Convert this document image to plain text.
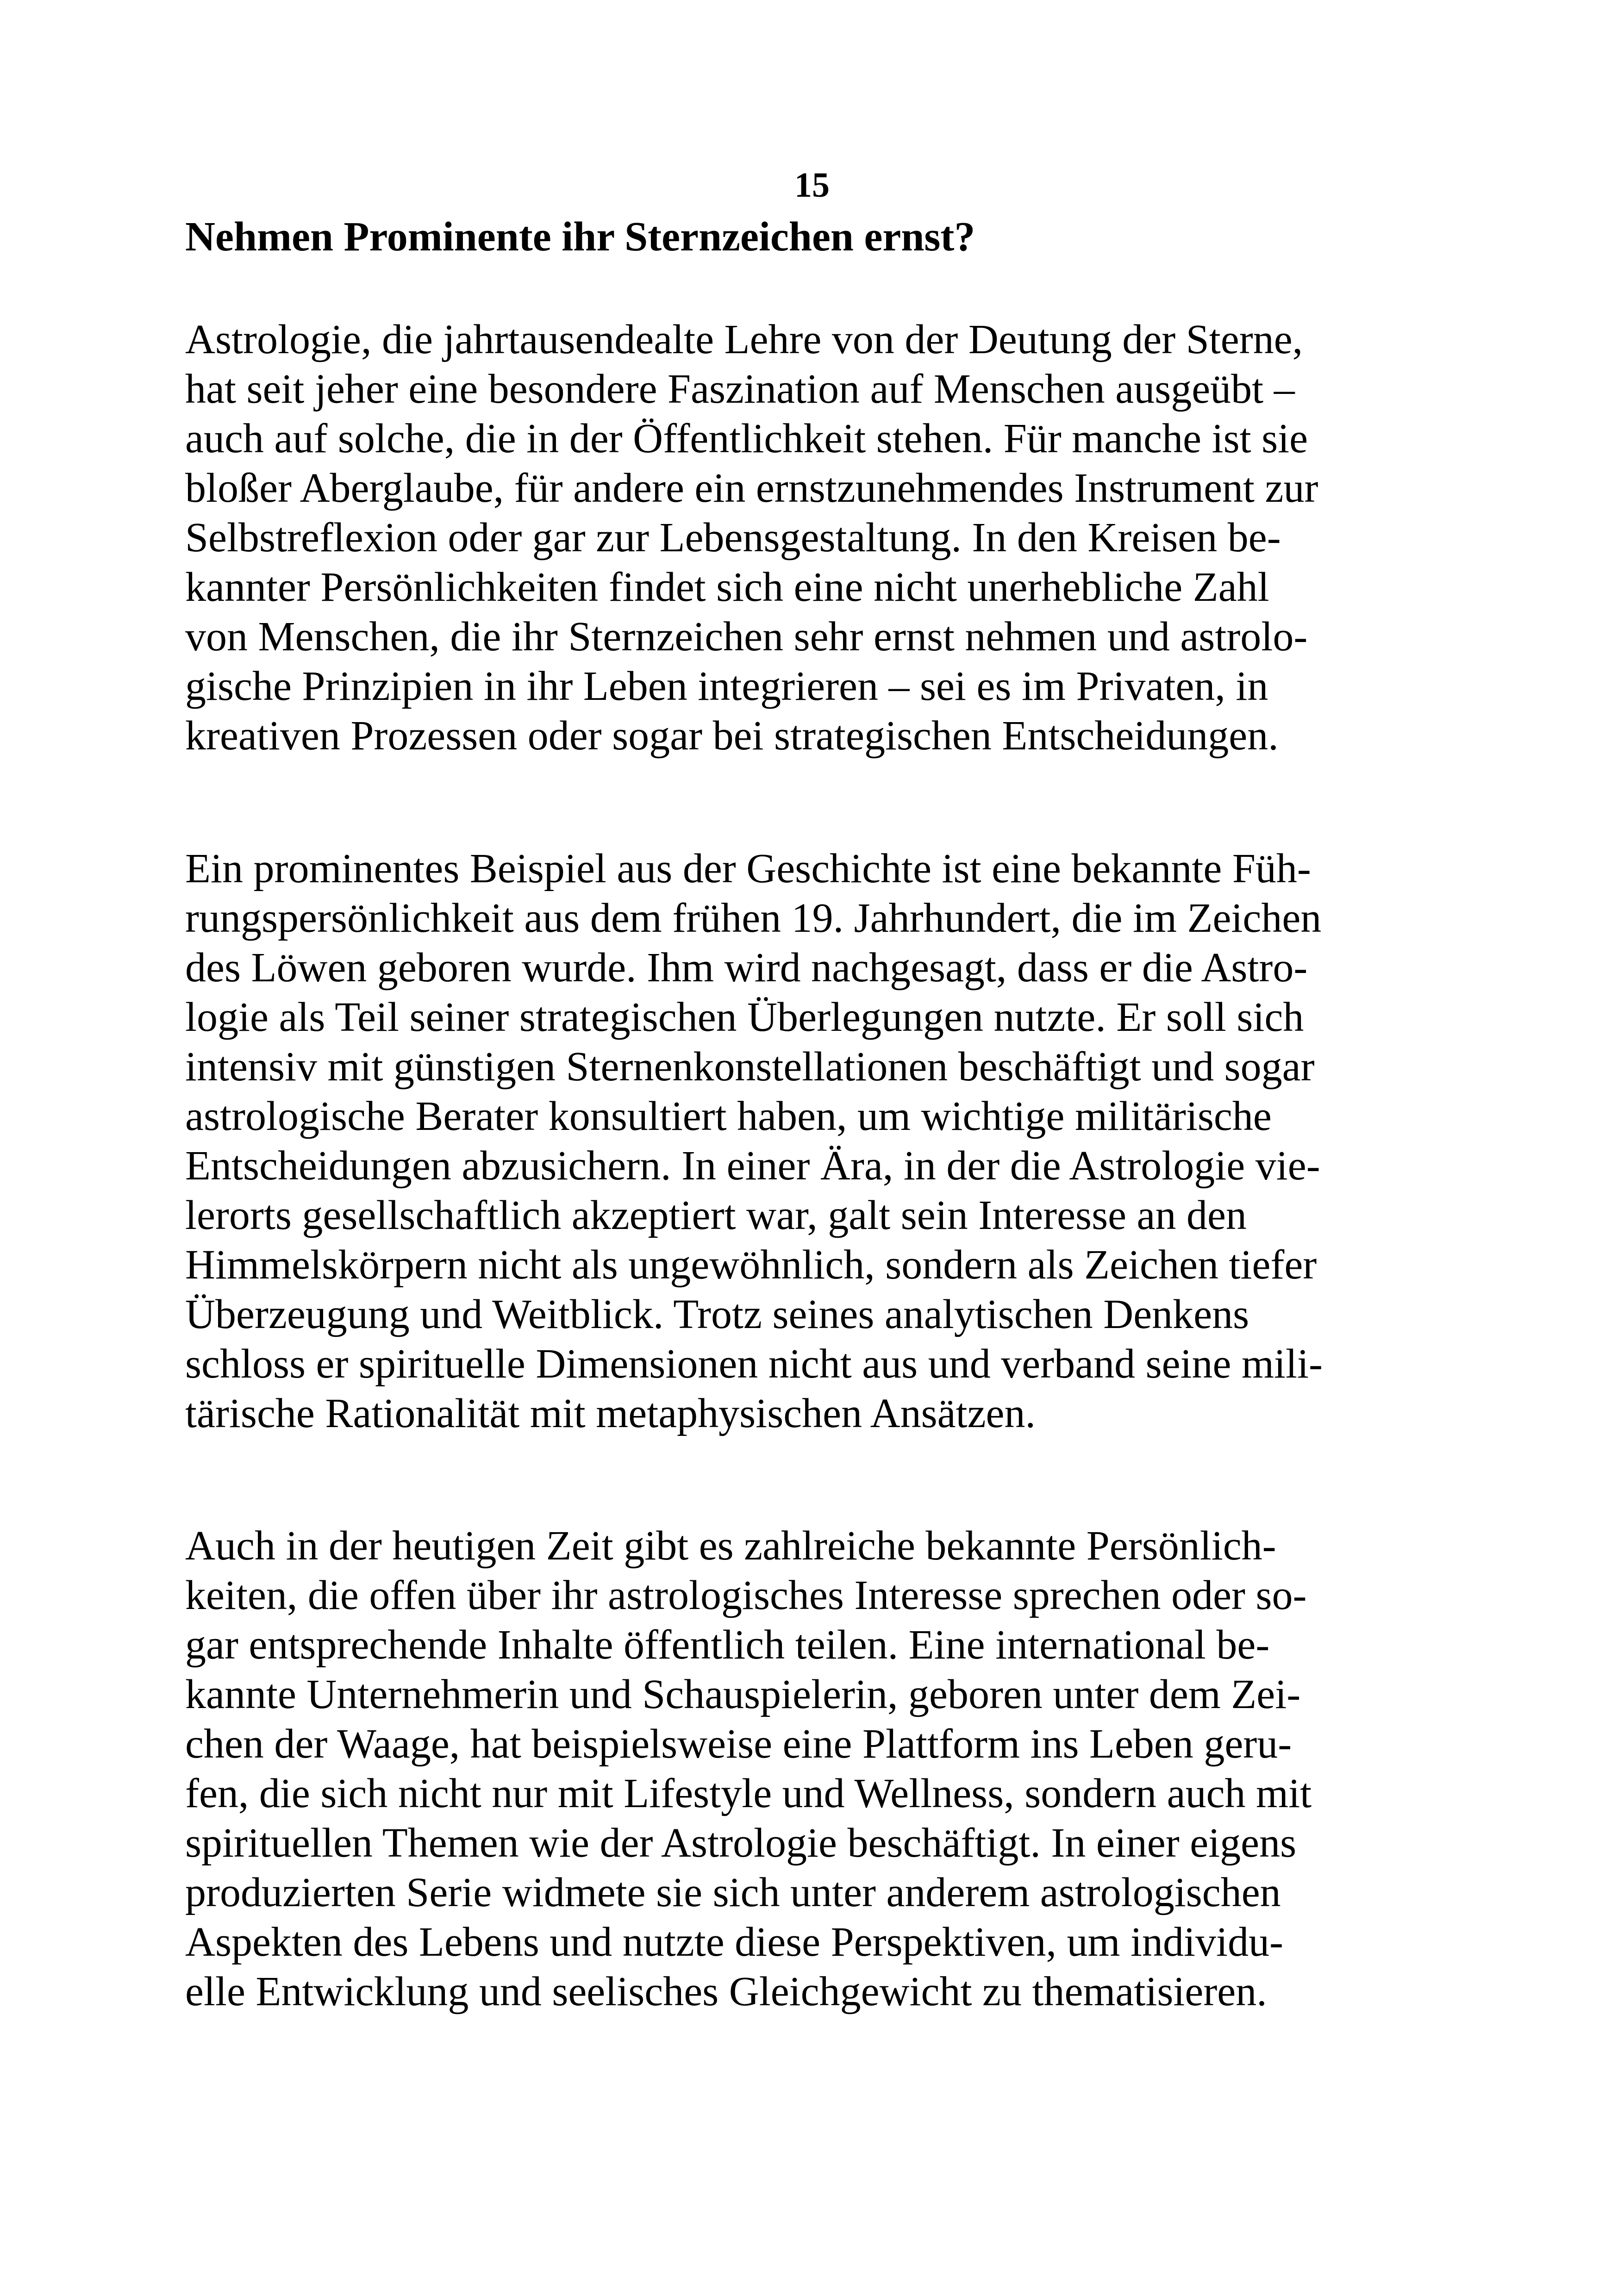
15
Nehmen Prominente ihr Sternzeichen ernst?
Astrologie, die jahrtausendealte Lehre von der Deutung der Sterne,
hat seit jeher eine besondere Faszination auf Menschen ausgeübt –
auch auf solche, die in der Öffentlichkeit stehen. Für manche ist sie
bloßer Aberglaube, für andere ein ernstzunehmendes Instrument zur
Selbstreflexion oder gar zur Lebensgestaltung. In den Kreisen be-
kannter Persönlichkeiten findet sich eine nicht unerhebliche Zahl
von Menschen, die ihr Sternzeichen sehr ernst nehmen und astrolo-
gische Prinzipien in ihr Leben integrieren – sei es im Privaten, in
kreativen Prozessen oder sogar bei strategischen Entscheidungen.
Ein prominentes Beispiel aus der Geschichte ist eine bekannte Füh-
rungspersönlichkeit aus dem frühen 19. Jahrhundert, die im Zeichen
des Löwen geboren wurde. Ihm wird nachgesagt, dass er die Astro-
logie als Teil seiner strategischen Überlegungen nutzte. Er soll sich
intensiv mit günstigen Sternenkonstellationen beschäftigt und sogar
astrologische Berater konsultiert haben, um wichtige militärische
Entscheidungen abzusichern. In einer Ära, in der die Astrologie vie-
lerorts gesellschaftlich akzeptiert war, galt sein Interesse an den
Himmelskörpern nicht als ungewöhnlich, sondern als Zeichen tiefer
Überzeugung und Weitblick. Trotz seines analytischen Denkens
schloss er spirituelle Dimensionen nicht aus und verband seine mili-
tärische Rationalität mit metaphysischen Ansätzen.
Auch in der heutigen Zeit gibt es zahlreiche bekannte Persönlich-
keiten, die offen über ihr astrologisches Interesse sprechen oder so-
gar entsprechende Inhalte öffentlich teilen. Eine international be-
kannte Unternehmerin und Schauspielerin, geboren unter dem Zei-
chen der Waage, hat beispielsweise eine Plattform ins Leben geru-
fen, die sich nicht nur mit Lifestyle und Wellness, sondern auch mit
spirituellen Themen wie der Astrologie beschäftigt. In einer eigens
produzierten Serie widmete sie sich unter anderem astrologischen
Aspekten des Lebens und nutzte diese Perspektiven, um individu-
elle Entwicklung und seelisches Gleichgewicht zu thematisieren.
